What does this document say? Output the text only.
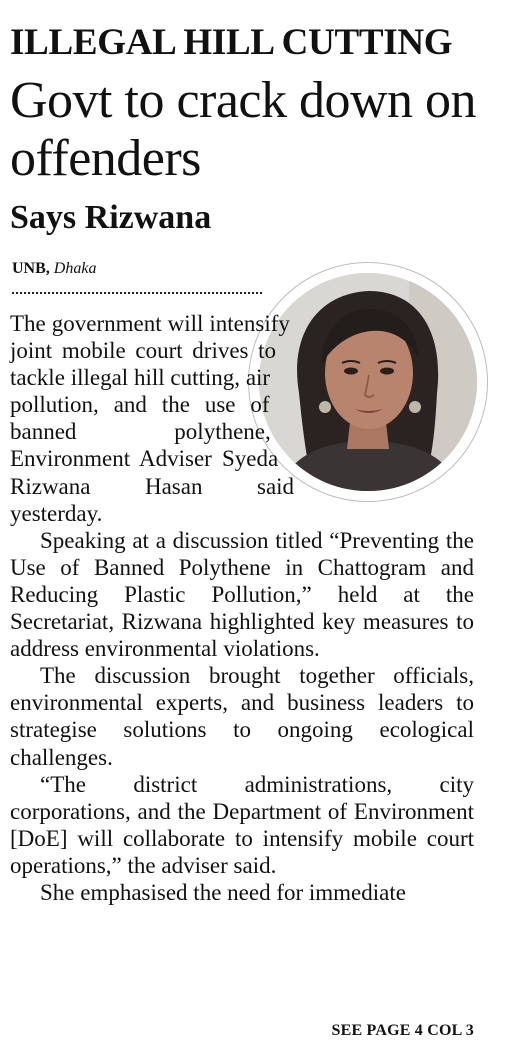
ILLEGAL HILL CUTTING
Govt to crack down on offenders
Says Rizwana
UNB, Dhaka

The government will intensify joint mobile court drives to tackle illegal hill cutting, air pollution, and the use of banned polythene, Environment Adviser Syeda Rizwana Hasan said yesterday.

Speaking at a discussion titled “Preventing the Use of Banned Polythene in Chattogram and Reducing Plastic Pollution,” held at the Secretariat, Rizwana highlighted key measures to address environmental violations.

The discussion brought together officials, environmental experts, and business leaders to strategise solutions to ongoing ecological challenges.

“The district administrations, city corporations, and the Department of Environment [DoE] will collaborate to intensify mobile court operations,” the adviser said.

She emphasised the need for immediate

SEE PAGE 4 COL 3
